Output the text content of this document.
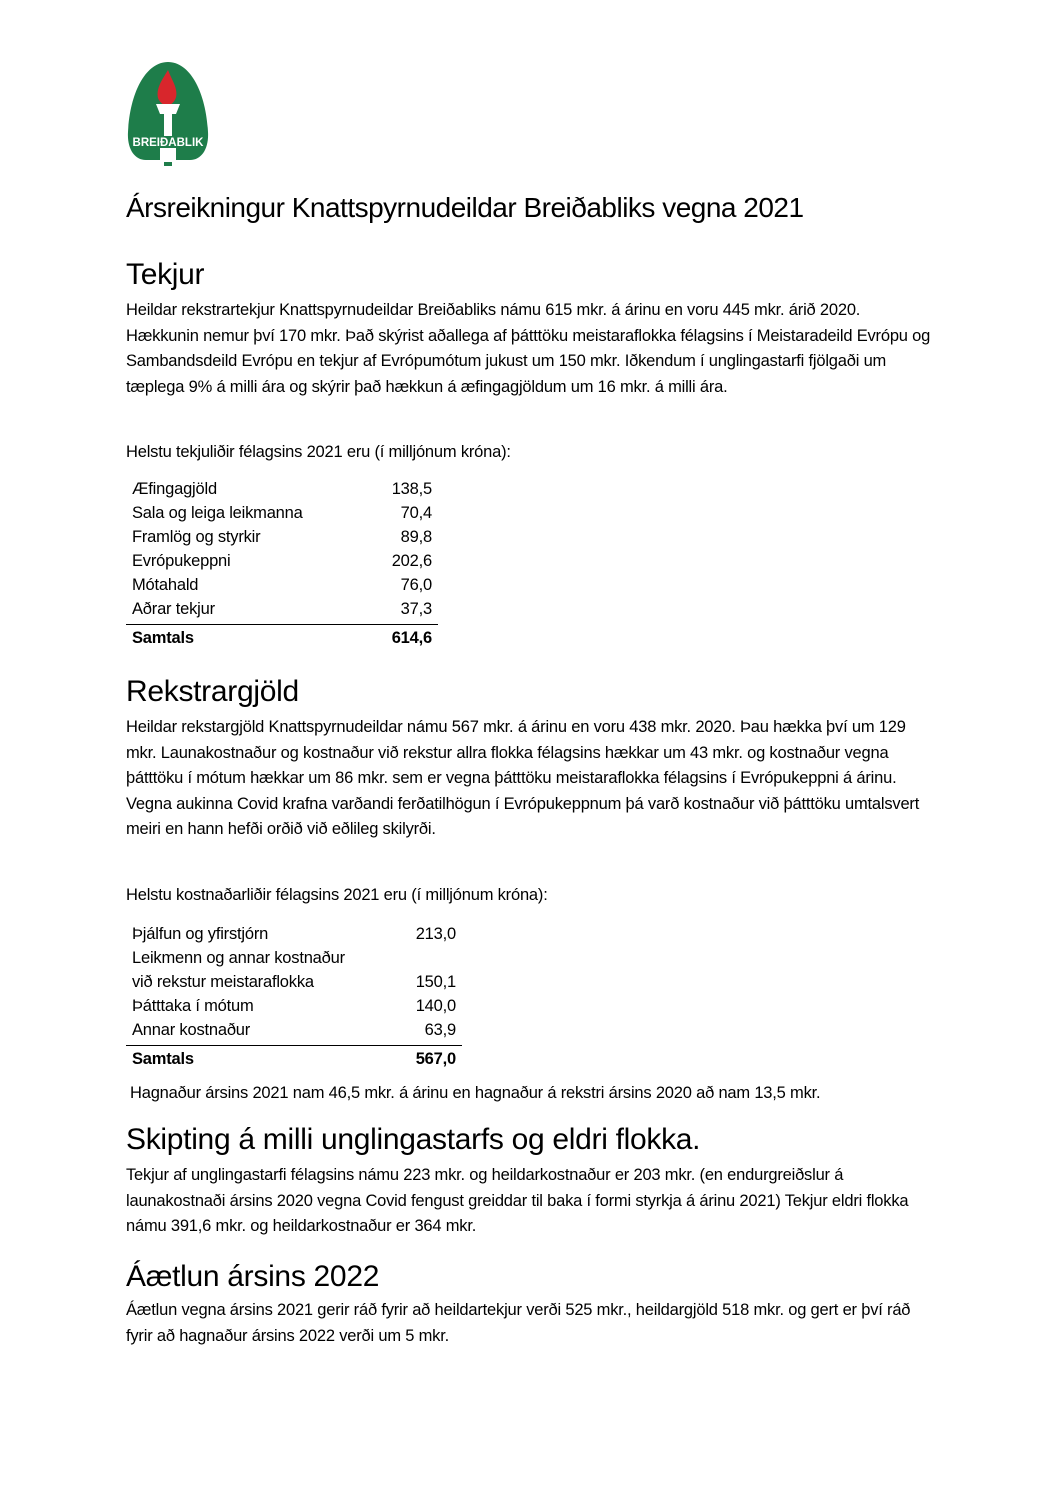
BREIÐABLIK
Ársreikningur Knattspyrnudeildar Breiðabliks vegna 2021
Tekjur

Heildar rekstrartekjur Knattspyrnudeildar Breiðabliks námu 615 mkr. á árinu en voru 445 mkr. árið 2020. Hækkunin nemur því 170 mkr. Það skýrist aðallega af þátttöku meistaraflokka félagsins í Meistaradeild Evrópu og Sambandsdeild Evrópu en tekjur af Evrópumótum jukust um 150 mkr. Iðkendum í unglingastarfi fjölgaði um tæplega 9% á milli ára og skýrir það hækkun á æfingagjöldum um 16 mkr. á milli ára.

Helstu tekjuliðir félagsins 2021 eru (í milljónum króna):

Æfingagjöld	138,5
Sala og leiga leikmanna	70,4
Framlög og styrkir	89,8
Evrópukeppni	202,6
Mótahald	76,0
Aðrar tekjur	37,3
Samtals	614,6
Rekstrargjöld

Heildar rekstargjöld Knattspyrnudeildar námu 567 mkr. á árinu en voru 438 mkr. 2020. Þau hækka því um 129 mkr. Launakostnaður og kostnaður við rekstur allra flokka félagsins hækkar um 43 mkr. og kostnaður vegna þátttöku í mótum hækkar um 86 mkr. sem er vegna þátttöku meistaraflokka félagsins í Evrópukeppni á árinu. Vegna aukinna Covid krafna varðandi ferðatilhögun í Evrópukeppnum þá varð kostnaður við þátttöku umtalsvert meiri en hann hefði orðið við eðlileg skilyrði.

Helstu kostnaðarliðir félagsins 2021 eru (í milljónum króna):

Þjálfun og yfirstjórn	213,0
Leikmenn og annar kostnaður	
við rekstur meistaraflokka	150,1
Þátttaka í mótum	140,0
Annar kostnaður	63,9
Samtals	567,0

Hagnaður ársins 2021 nam 46,5 mkr. á árinu en hagnaður á rekstri ársins 2020 að nam 13,5 mkr.

Skipting á milli unglingastarfs og eldri flokka.

Tekjur af unglingastarfi félagsins námu 223 mkr. og heildarkostnaður er 203 mkr. (en endurgreiðslur á launakostnaði ársins 2020 vegna Covid fengust greiddar til baka í formi styrkja á árinu 2021) Tekjur eldri flokka námu 391,6 mkr. og heildarkostnaður er 364 mkr.

Áætlun ársins 2022

Áætlun vegna ársins 2021 gerir ráð fyrir að heildartekjur verði 525 mkr., heildargjöld 518 mkr. og gert er því ráð fyrir að hagnaður ársins 2022 verði um 5 mkr.
